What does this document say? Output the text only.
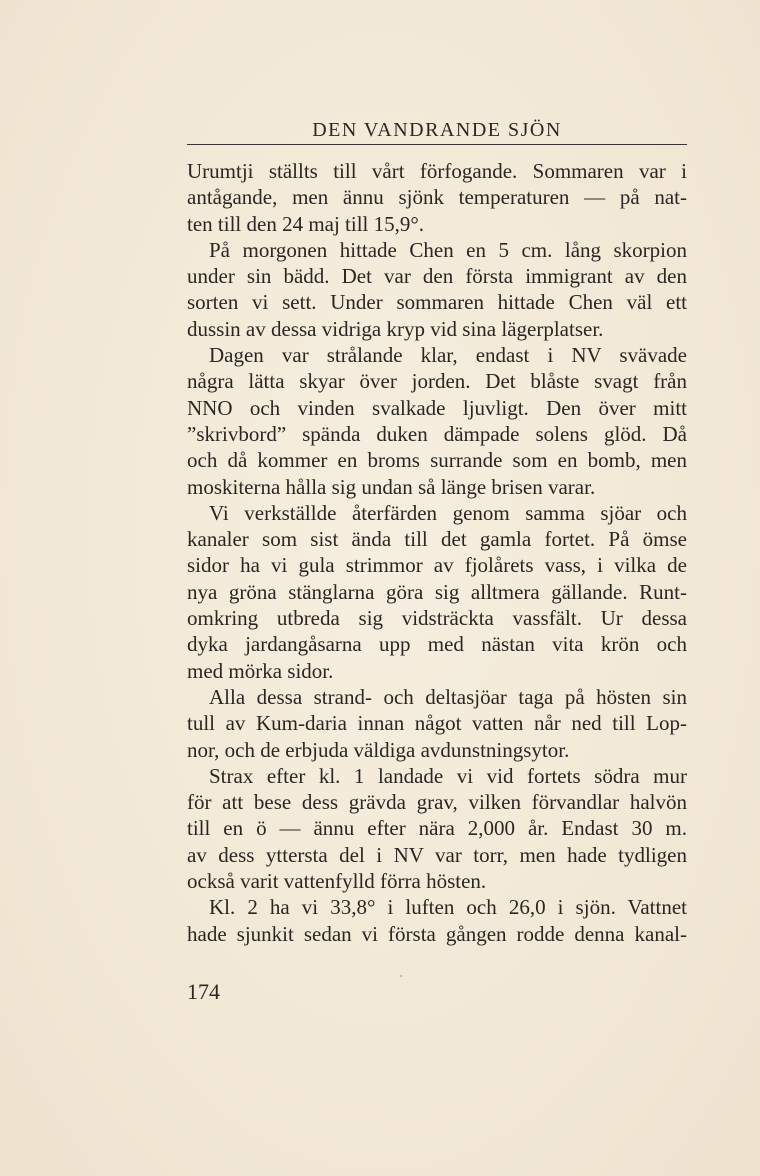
DEN VANDRANDE SJÖN
Urumtji ställts till vårt förfogande. Sommaren var i
antågande, men ännu sjönk temperaturen — på nat-
ten till den 24 maj till 15,9°.
På morgonen hittade Chen en 5 cm. lång skorpion
under sin bädd. Det var den första immigrant av den
sorten vi sett. Under sommaren hittade Chen väl ett
dussin av dessa vidriga kryp vid sina lägerplatser.
Dagen var strålande klar, endast i NV svävade
några lätta skyar över jorden. Det blåste svagt från
NNO och vinden svalkade ljuvligt. Den över mitt
”skrivbord” spända duken dämpade solens glöd. Då
och då kommer en broms surrande som en bomb, men
moskiterna hålla sig undan så länge brisen varar.
Vi verkställde återfärden genom samma sjöar och
kanaler som sist ända till det gamla fortet. På ömse
sidor ha vi gula strimmor av fjolårets vass, i vilka de
nya gröna stänglarna göra sig alltmera gällande. Runt-
omkring utbreda sig vidsträckta vassfält. Ur dessa
dyka jardangåsarna upp med nästan vita krön och
med mörka sidor.
Alla dessa strand- och deltasjöar taga på hösten sin
tull av Kum-daria innan något vatten når ned till Lop-
nor, och de erbjuda väldiga avdunstningsytor.
Strax efter kl. 1 landade vi vid fortets södra mur
för att bese dess grävda grav, vilken förvandlar halvön
till en ö — ännu efter nära 2,000 år. Endast 30 m.
av dess yttersta del i NV var torr, men hade tydligen
också varit vattenfylld förra hösten.
Kl. 2 ha vi 33,8° i luften och 26,0 i sjön. Vattnet
hade sjunkit sedan vi första gången rodde denna kanal-
174
